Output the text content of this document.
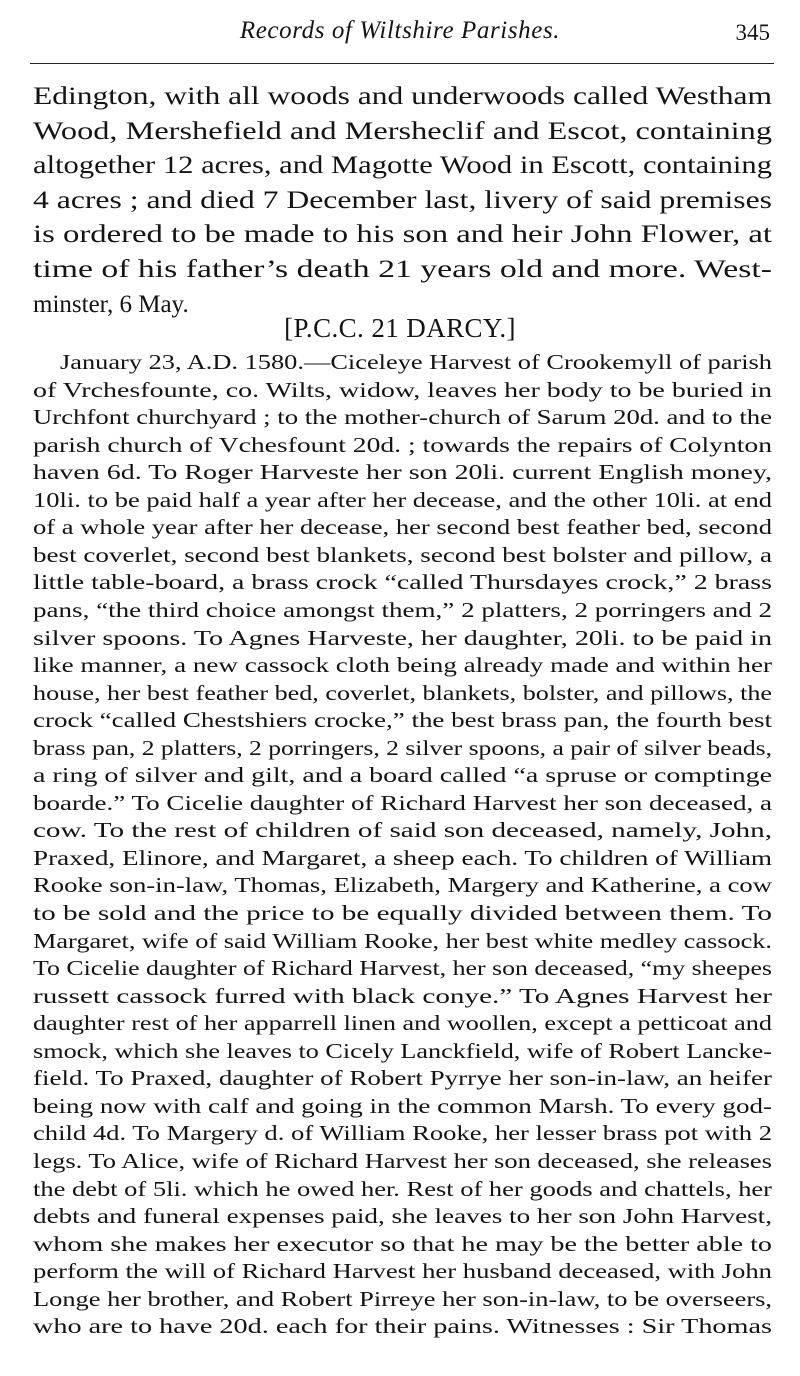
Records of Wiltshire Parishes.	345
Edington, with all woods and underwoods called Westham
Wood, Mershefield and Mersheclif and Escot, containing
altogether 12 acres, and Magotte Wood in Escott, containing
4 acres ; and died 7 December last, livery of said premises
is ordered to be made to his son and heir John Flower, at
time of his father’s death 21 years old and more. West-
minster, 6 May.
[P.C.C. 21 DARCY.]
January 23, A.D. 1580.—Ciceleye Harvest of Crookemyll of parish
of Vrchesfounte, co. Wilts, widow, leaves her body to be buried in
Urchfont churchyard ; to the mother-church of Sarum 20d. and to the
parish church of Vchesfount 20d. ; towards the repairs of Colynton
haven 6d. To Roger Harveste her son 20li. current English money,
10li. to be paid half a year after her decease, and the other 10li. at end
of a whole year after her decease, her second best feather bed, second
best coverlet, second best blankets, second best bolster and pillow, a
little table-board, a brass crock “called Thursdayes crock,” 2 brass
pans, “the third choice amongst them,” 2 platters, 2 porringers and 2
silver spoons. To Agnes Harveste, her daughter, 20li. to be paid in
like manner, a new cassock cloth being already made and within her
house, her best feather bed, coverlet, blankets, bolster, and pillows, the
crock “called Chestshiers crocke,” the best brass pan, the fourth best
brass pan, 2 platters, 2 porringers, 2 silver spoons, a pair of silver beads,
a ring of silver and gilt, and a board called “a spruse or comptinge
boarde.” To Cicelie daughter of Richard Harvest her son deceased, a
cow. To the rest of children of said son deceased, namely, John,
Praxed, Elinore, and Margaret, a sheep each. To children of William
Rooke son-in-law, Thomas, Elizabeth, Margery and Katherine, a cow
to be sold and the price to be equally divided between them. To
Margaret, wife of said William Rooke, her best white medley cassock.
To Cicelie daughter of Richard Harvest, her son deceased, “my sheepes
russett cassock furred with black conye.” To Agnes Harvest her
daughter rest of her apparrell linen and woollen, except a petticoat and
smock, which she leaves to Cicely Lanckfield, wife of Robert Lancke-
field. To Praxed, daughter of Robert Pyrrye her son-in-law, an heifer
being now with calf and going in the common Marsh. To every god-
child 4d. To Margery d. of William Rooke, her lesser brass pot with 2
legs. To Alice, wife of Richard Harvest her son deceased, she releases
the debt of 5li. which he owed her. Rest of her goods and chattels, her
debts and funeral expenses paid, she leaves to her son John Harvest,
whom she makes her executor so that he may be the better able to
perform the will of Richard Harvest her husband deceased, with John
Longe her brother, and Robert Pirreye her son-in-law, to be overseers,
who are to have 20d. each for their pains. Witnesses : Sir Thomas
